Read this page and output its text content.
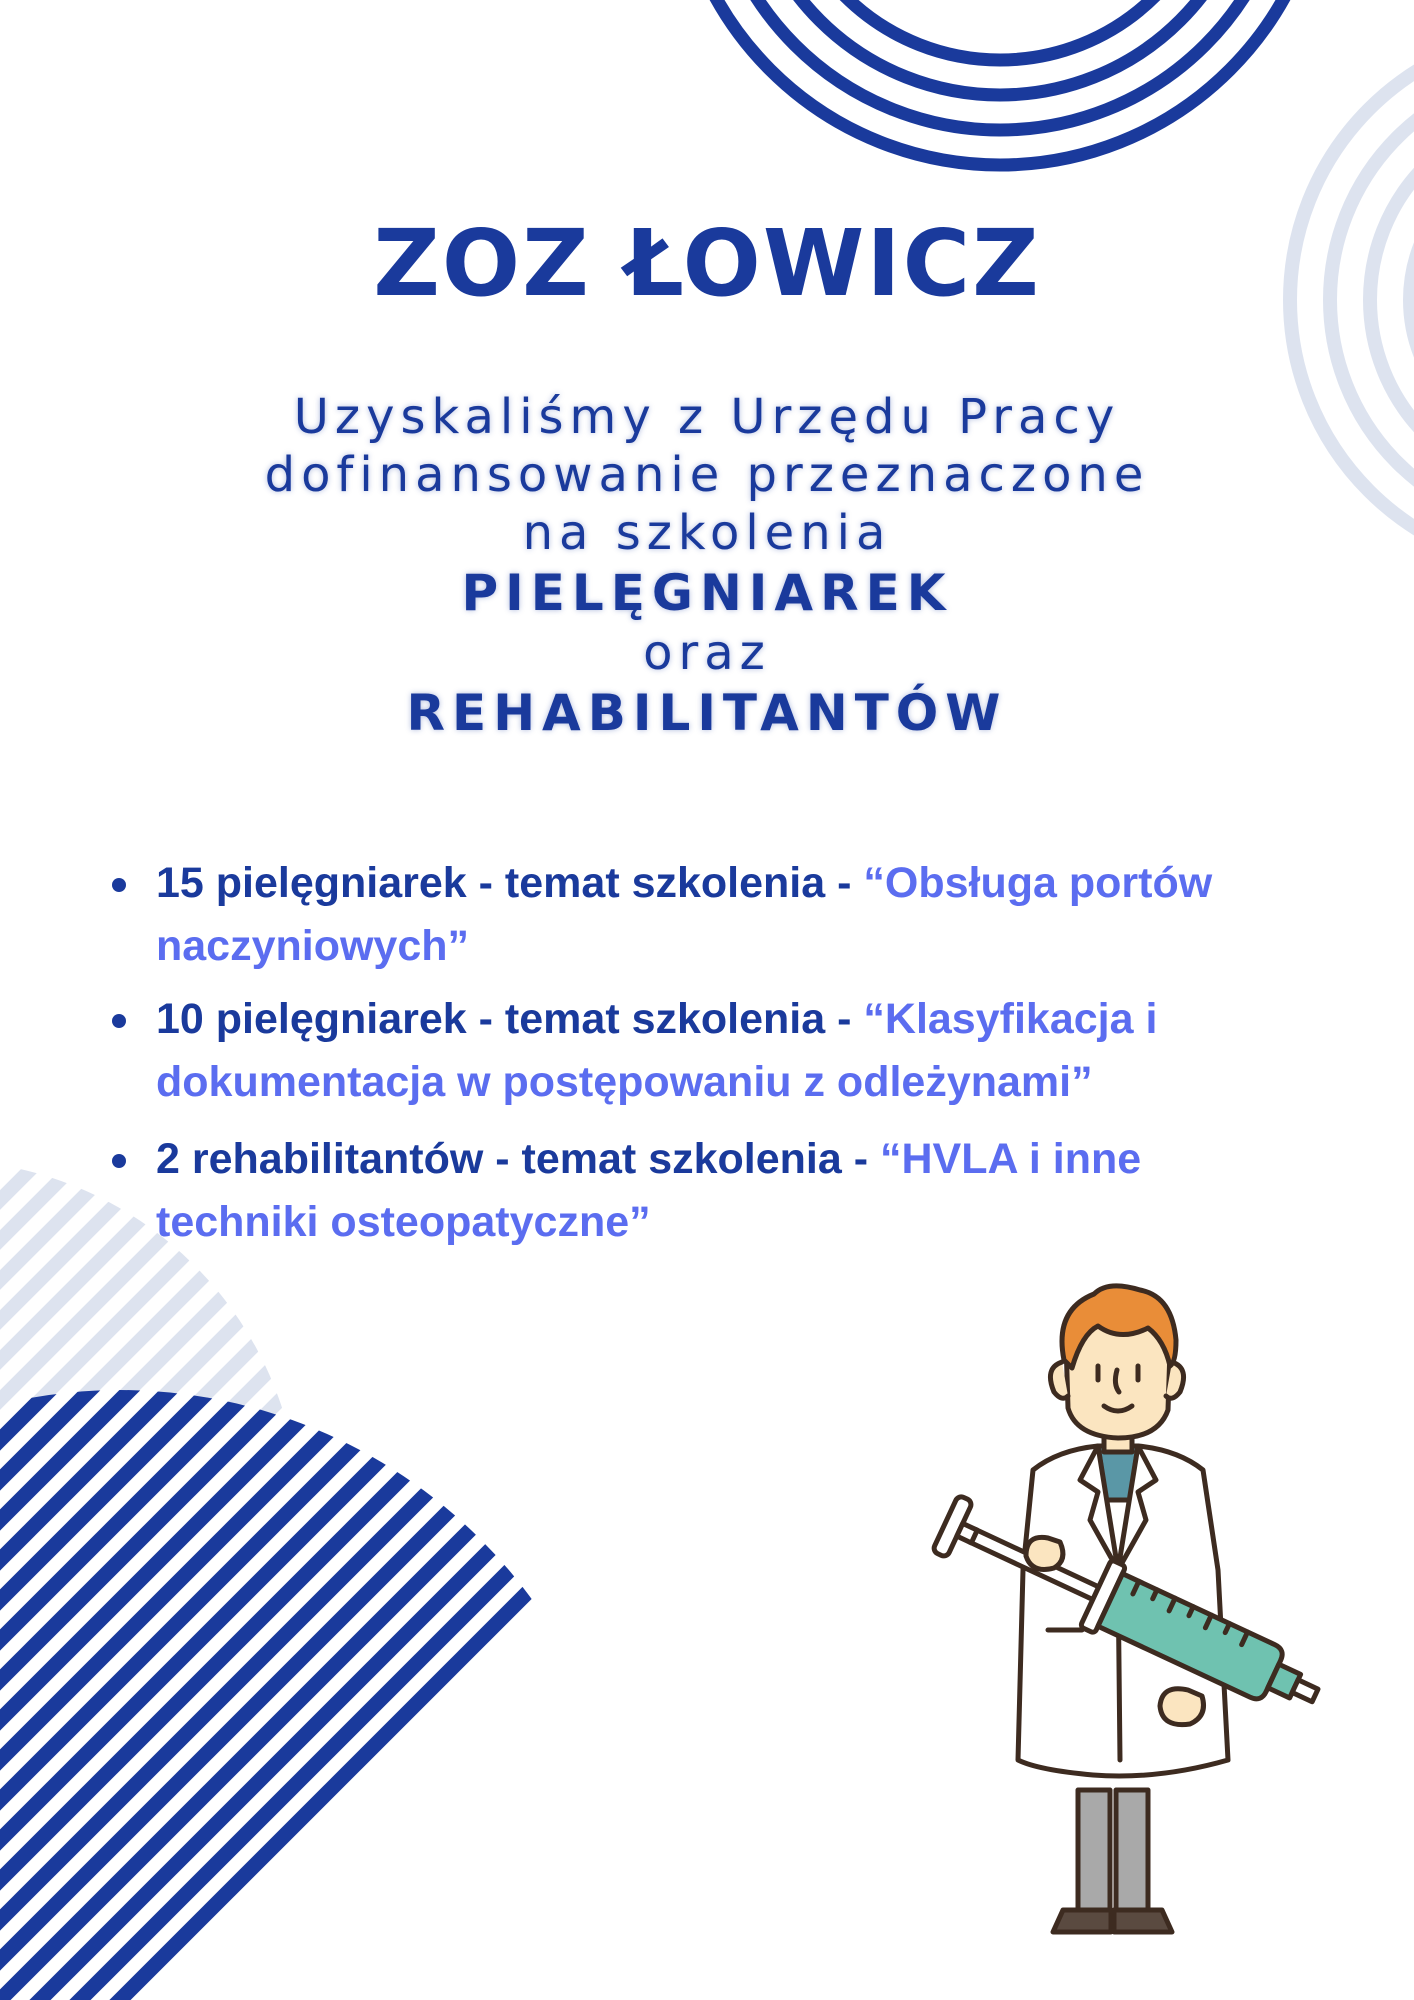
ZOZ ŁOWICZ
Uzyskaliśmy z Urzędu Pracy
dofinansowanie przeznaczone
na szkolenia
PIELĘGNIAREK
oraz
REHABILITANTÓW
15 pielęgniarek - temat szkolenia - “Obsługa portów naczyniowych”
10 pielęgniarek - temat szkolenia - “Klasyfikacja i dokumentacja w postępowaniu z odleżynami”
2 rehabilitantów - temat szkolenia - “HVLA i inne techniki osteopatyczne”
